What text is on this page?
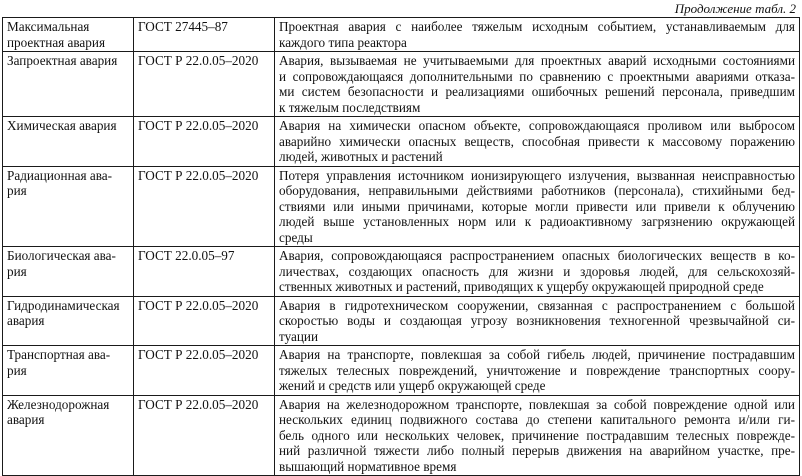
Продолжение табл. 2
Максимальная
проектная авария	ГОСТ 27445–87	Проектная авария с наиболее тяжелым исходным событием, устанавливаемым для
каждого типа реактора

Запроектная авария	ГОСТ Р 22.0.05–2020	Авария, вызываемая не учитываемыми для проектных аварий исходными состояниями
и сопровождающаяся дополнительными по сравнению с проектными авариями отказа-
ми систем безопасности и реализациями ошибочных решений персонала, приведшим
к тяжелым последствиям

Химическая авария	ГОСТ Р 22.0.05–2020	Авария на химически опасном объекте, сопровождающаяся проливом или выбросом
аварийно химически опасных веществ, способная привести к массовому поражению
людей, животных и растений

Радиационная ава-
рия	ГОСТ Р 22.0.05–2020	Потеря управления источником ионизирующего излучения, вызванная неисправностью
оборудования, неправильными действиями работников (персонала), стихийными бед-
ствиями или иными причинами, которые могли привести или привели к облучению
людей выше установленных норм или к радиоактивному загрязнению окружающей
среды

Биологическая ава-
рия	ГОСТ 22.0.05–97	Авария, сопровождающаяся распространением опасных биологических веществ в ко-
личествах, создающих опасность для жизни и здоровья людей, для сельскохозяй-
ственных животных и растений, приводящих к ущербу окружающей природной среде

Гидродинамическая
авария	ГОСТ Р 22.0.05–2020	Авария в гидротехническом сооружении, связанная с распространением с большой
скоростью воды и создающая угрозу возникновения техногенной чрезвычайной си-
туации

Транспортная ава-
рия	ГОСТ Р 22.0.05–2020	Авария на транспорте, повлекшая за собой гибель людей, причинение пострадавшим
тяжелых телесных повреждений, уничтожение и повреждение транспортных соору-
жений и средств или ущерб окружающей среде

Железнодорожная
авария	ГОСТ Р 22.0.05–2020	Авария на железнодорожном транспорте, повлекшая за собой повреждение одной или
нескольких единиц подвижного состава до степени капитального ремонта и/или ги-
бель одного или нескольких человек, причинение пострадавшим телесных поврежде-
ний различной тяжести либо полный перерыв движения на аварийном участке, пре-
вышающий нормативное время
